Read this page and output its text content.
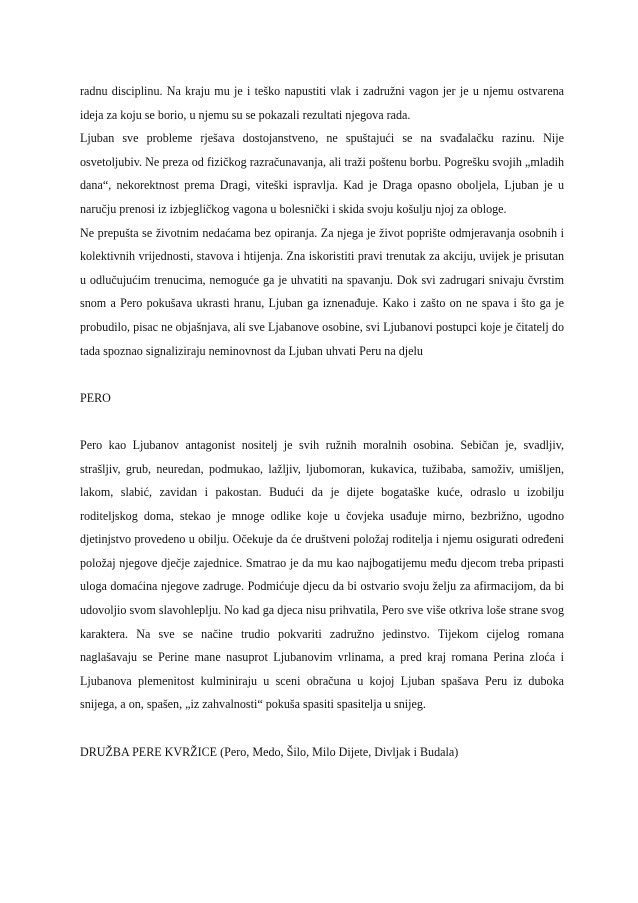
radnu disciplinu. Na kraju mu je i teško napustiti vlak i zadružni vagon jer je u njemu ostvarena ideja za koju se borio, u njemu su se pokazali rezultati njegova rada.

Ljuban sve probleme rješava dostojanstveno, ne spuštajući se na svađalačku razinu. Nije osvetoljubiv. Ne preza od fizičkog razračunavanja, ali traži poštenu borbu. Pogrešku svojih „mladih dana“, nekorektnost prema Dragi, viteški ispravlja. Kad je Draga opasno oboljela, Ljuban je u naručju prenosi iz izbjegličkog vagona u bolesnički i skida svoju košulju njoj za obloge.

Ne prepušta se životnim nedaćama bez opiranja. Za njega je život poprište odmjeravanja osobnih i kolektivnih vrijednosti, stavova i htijenja. Zna iskoristiti pravi trenutak za akciju, uvijek je prisutan u odlučujućim trenucima, nemoguće ga je uhvatiti na spavanju. Dok svi zadrugari snivaju čvrstim snom a Pero pokušava ukrasti hranu, Ljuban ga iznenađuje. Kako i zašto on ne spava i što ga je probudilo, pisac ne objašnjava, ali sve Ljabanove osobine, svi Ljubanovi postupci koje je čitatelj do tada spoznao signaliziraju neminovnost da Ljuban uhvati Peru na djelu

PERO

Pero kao Ljubanov antagonist nositelj je svih ružnih moralnih osobina. Sebičan je, svadljiv, strašljiv, grub, neuredan, podmukao, lažljiv, ljubomoran, kukavica, tužibaba, samoživ, umišljen, lakom, slabić, zavidan i pakostan. Budući da je dijete bogataške kuće, odraslo u izobilju roditeljskog doma, stekao je mnoge odlike koje u čovjeka usađuje mirno, bezbrižno, ugodno djetinjstvo provedeno u obilju. Očekuje da će društveni položaj roditelja i njemu osigurati određeni položaj njegove dječje zajednice. Smatrao je da mu kao najbogatijemu među djecom treba pripasti uloga domaćina njegove zadruge. Podmićuje djecu da bi ostvario svoju želju za afirmacijom, da bi udovoljio svom slavohleplju. No kad ga djeca nisu prihvatila, Pero sve više otkriva loše strane svog karaktera. Na sve se načine trudio pokvariti zadružno jedinstvo. Tijekom cijelog romana naglašavaju se Perine mane nasuprot Ljubanovim vrlinama, a pred kraj romana Perina zloća i Ljubanova plemenitost kulminiraju u sceni obračuna u kojoj Ljuban spašava Peru iz duboka snijega, a on, spašen, „iz zahvalnosti“ pokuša spasiti spasitelja u snijeg.

DRUŽBA PERE KVRŽICE (Pero, Medo, Šilo, Milo Dijete, Divljak i Budala)
